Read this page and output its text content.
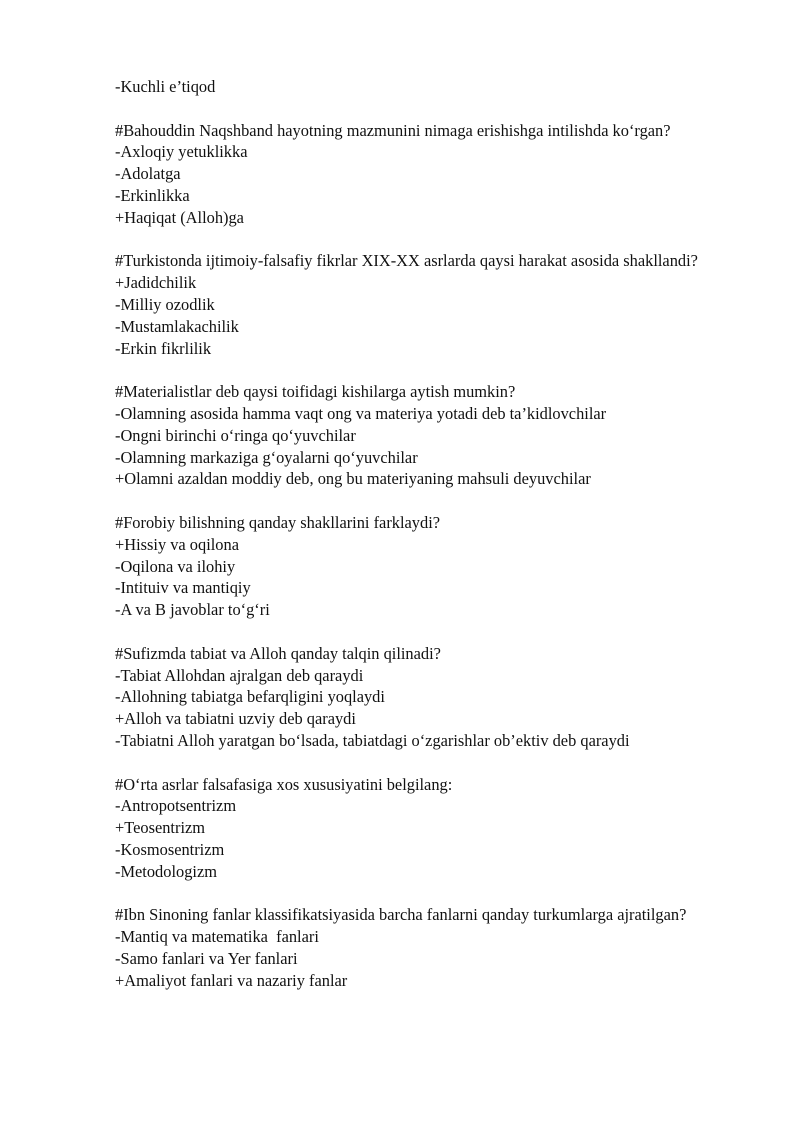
-Kuchli e’tiqod

#Bahouddin Naqshband hayotning mazmunini nimaga erishishga intilishda ko‘rgan?

-Axloqiy yetuklikka

-Adolatga

-Erkinlikka

+Haqiqat (Alloh)ga

#Turkistonda ijtimoiy-falsafiy fikrlar XIX-XX asrlarda qaysi harakat asosida shakllandi?

+Jadidchilik

-Milliy ozodlik

-Mustamlakachilik

-Erkin fikrlilik

#Materialistlar deb qaysi toifidagi kishilarga aytish mumkin?

-Olamning asosida hamma vaqt ong va materiya yotadi deb ta’kidlovchilar

-Ongni birinchi o‘ringa qo‘yuvchilar

-Olamning markaziga g‘oyalarni qo‘yuvchilar

+Olamni azaldan moddiy deb, ong bu materiyaning mahsuli deyuvchilar

#Forobiy bilishning qanday shakllarini farklaydi?

+Hissiy va oqilona

-Oqilona va ilohiy

-Intituiv va mantiqiy

-A va B javoblar to‘g‘ri

#Sufizmda tabiat va Alloh qanday talqin qilinadi?

-Tabiat Allohdan ajralgan deb qaraydi

-Allohning tabiatga befarqligini yoqlaydi

+Alloh va tabiatni uzviy deb qaraydi

-Tabiatni Alloh yaratgan bo‘lsada, tabiatdagi o‘zgarishlar ob’ektiv deb qaraydi

#O‘rta asrlar falsafasiga xos xususiyatini belgilang:

-Antropotsentrizm

+Teosentrizm

-Kosmosentrizm

-Metodologizm

#Ibn Sinoning fanlar klassifikatsiyasida barcha fanlarni qanday turkumlarga ajratilgan?

-Mantiq va matematika  fanlari

-Samo fanlari va Yer fanlari

+Amaliyot fanlari va nazariy fanlar
